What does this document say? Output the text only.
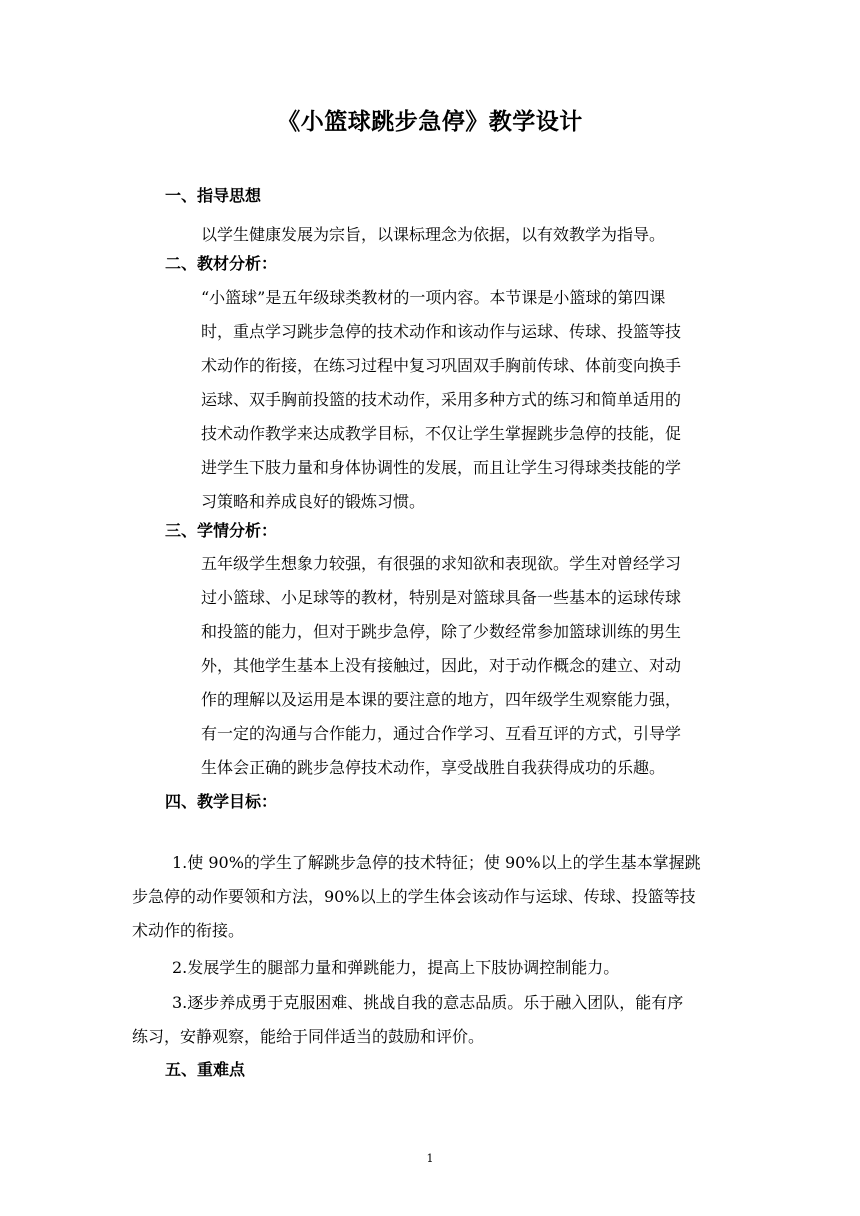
《小篮球跳步急停》教学设计
一、指导思想
以学生健康发展为宗旨，以课标理念为依据，以有效教学为指导。
二、教材分析：
“小篮球”是五年级球类教材的一项内容。本节课是小篮球的第四课
时，重点学习跳步急停的技术动作和该动作与运球、传球、投篮等技
术动作的衔接，在练习过程中复习巩固双手胸前传球、体前变向换手
运球、双手胸前投篮的技术动作，采用多种方式的练习和简单适用的
技术动作教学来达成教学目标，不仅让学生掌握跳步急停的技能，促
进学生下肢力量和身体协调性的发展，而且让学生习得球类技能的学
习策略和养成良好的锻炼习惯。
三、学情分析：
五年级学生想象力较强，有很强的求知欲和表现欲。学生对曾经学习
过小篮球、小足球等的教材，特别是对篮球具备一些基本的运球传球
和投篮的能力，但对于跳步急停，除了少数经常参加篮球训练的男生
外，其他学生基本上没有接触过，因此，对于动作概念的建立、对动
作的理解以及运用是本课的要注意的地方，四年级学生观察能力强，
有一定的沟通与合作能力，通过合作学习、互看互评的方式，引导学
生体会正确的跳步急停技术动作，享受战胜自我获得成功的乐趣。
四、教学目标：
1.使 90%的学生了解跳步急停的技术特征；使 90%以上的学生基本掌握跳
步急停的动作要领和方法，90%以上的学生体会该动作与运球、传球、投篮等技
术动作的衔接。
2.发展学生的腿部力量和弹跳能力，提高上下肢协调控制能力。
3.逐步养成勇于克服困难、挑战自我的意志品质。乐于融入团队，能有序
练习，安静观察，能给于同伴适当的鼓励和评价。
五、重难点
1
